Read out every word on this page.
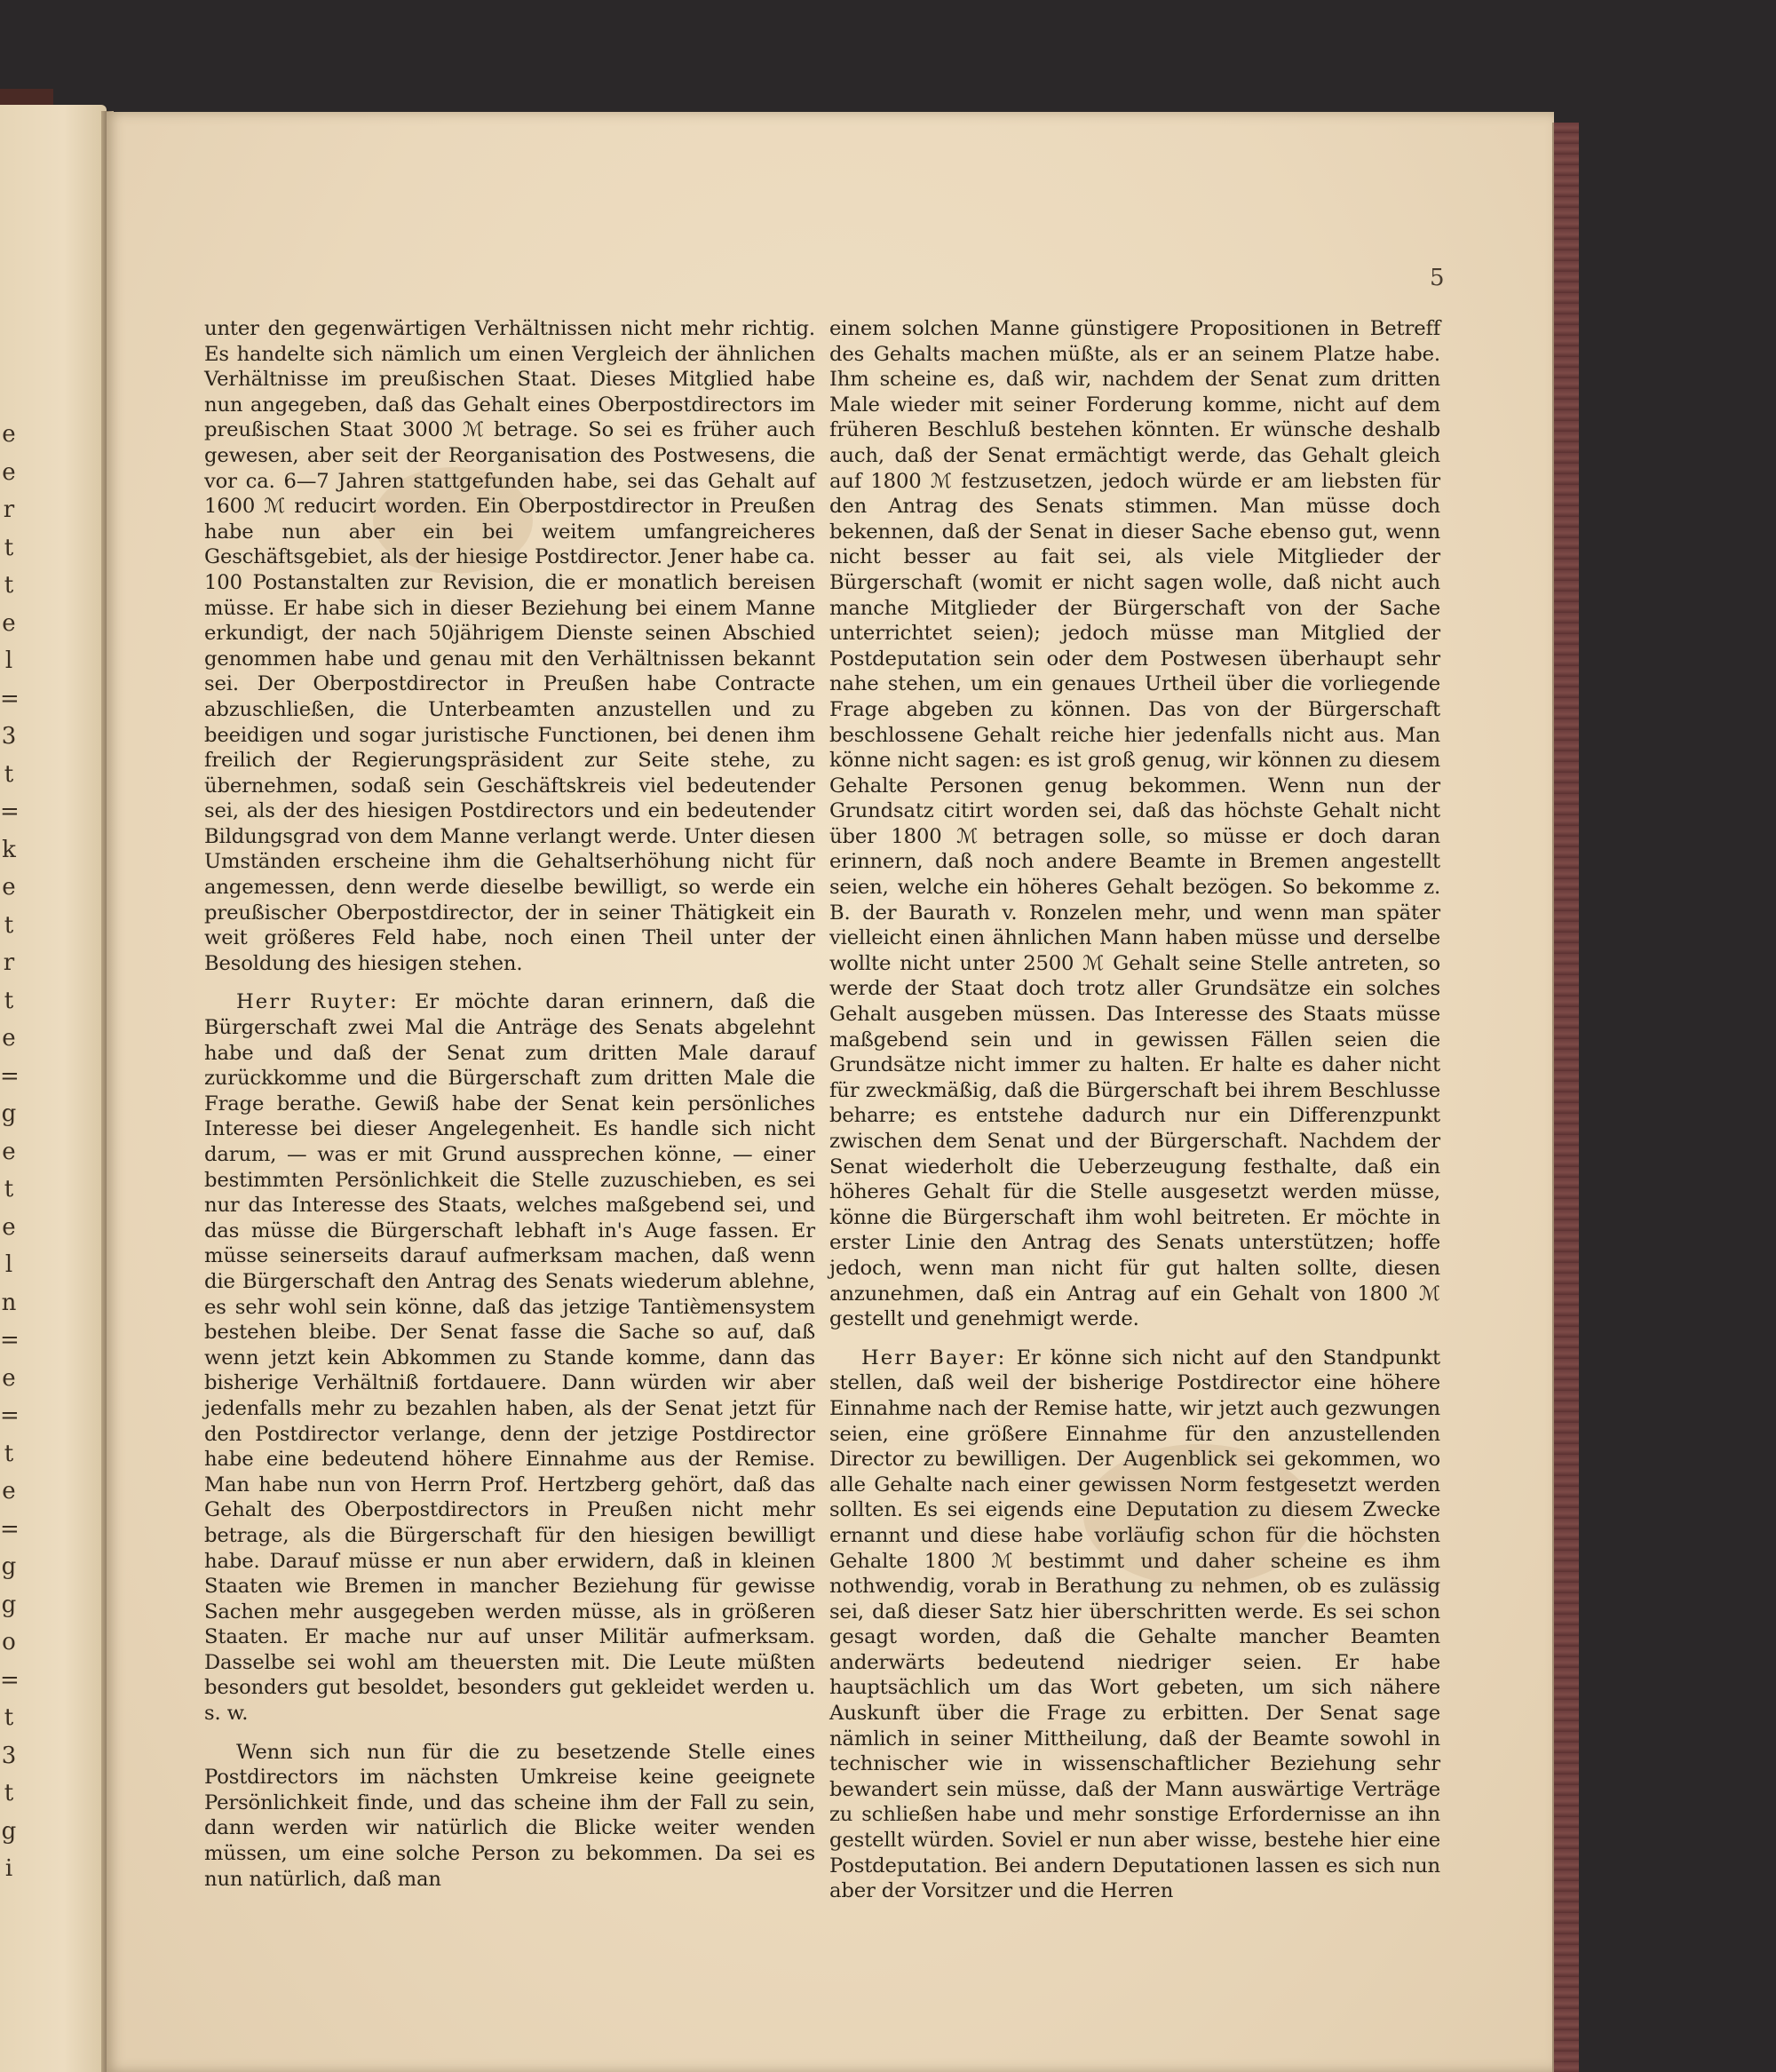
e
e
r
t
t
e
l
=
3
t
=
k
e
t
r
t
e
=
g
e
t
e
l
n
=
e
=
t
e
=
g
g
o
=
t
3
t
g
i
5

unter den gegenwärtigen Verhältnissen nicht mehr richtig. Es handelte sich nämlich um einen Vergleich der ähnlichen Verhältnisse im preußischen Staat. Dieses Mitglied habe nun angegeben, daß das Gehalt eines Oberpostdirectors im preußischen Staat 3000 ℳ betrage. So sei es früher auch gewesen, aber seit der Reorganisation des Postwesens, die vor ca. 6—7 Jahren stattgefunden habe, sei das Gehalt auf 1600 ℳ reducirt worden. Ein Oberpostdirector in Preußen habe nun aber ein bei weitem umfangreicheres Geschäftsgebiet, als der hiesige Postdirector. Jener habe ca. 100 Postanstalten zur Revision, die er monatlich bereisen müsse. Er habe sich in dieser Beziehung bei einem Manne erkundigt, der nach 50jährigem Dienste seinen Abschied genommen habe und genau mit den Verhältnissen bekannt sei. Der Oberpostdirector in Preußen habe Contracte abzuschließen, die Unterbeamten anzustellen und zu beeidigen und sogar juristische Functionen, bei denen ihm freilich der Regierungspräsident zur Seite stehe, zu übernehmen, sodaß sein Geschäftskreis viel bedeutender sei, als der des hiesigen Postdirectors und ein bedeutender Bildungsgrad von dem Manne verlangt werde. Unter diesen Umständen erscheine ihm die Gehaltserhöhung nicht für angemessen, denn werde dieselbe bewilligt, so werde ein preußischer Oberpostdirector, der in seiner Thätigkeit ein weit größeres Feld habe, noch einen Theil unter der Besoldung des hiesigen stehen.

Herr Ruyter: Er möchte daran erinnern, daß die Bürgerschaft zwei Mal die Anträge des Senats abgelehnt habe und daß der Senat zum dritten Male darauf zurückkomme und die Bürgerschaft zum dritten Male die Frage berathe. Gewiß habe der Senat kein persönliches Interesse bei dieser Angelegenheit. Es handle sich nicht darum, — was er mit Grund aussprechen könne, — einer bestimmten Persönlichkeit die Stelle zuzuschieben, es sei nur das Interesse des Staats, welches maßgebend sei, und das müsse die Bürgerschaft lebhaft in's Auge fassen. Er müsse seinerseits darauf aufmerksam machen, daß wenn die Bürgerschaft den Antrag des Senats wiederum ablehne, es sehr wohl sein könne, daß das jetzige Tantièmensystem bestehen bleibe. Der Senat fasse die Sache so auf, daß wenn jetzt kein Abkommen zu Stande komme, dann das bisherige Verhältniß fortdauere. Dann würden wir aber jedenfalls mehr zu bezahlen haben, als der Senat jetzt für den Postdirector verlange, denn der jetzige Postdirector habe eine bedeutend höhere Einnahme aus der Remise. Man habe nun von Herrn Prof. Hertzberg gehört, daß das Gehalt des Oberpostdirectors in Preußen nicht mehr betrage, als die Bürgerschaft für den hiesigen bewilligt habe. Darauf müsse er nun aber erwidern, daß in kleinen Staaten wie Bremen in mancher Beziehung für gewisse Sachen mehr ausgegeben werden müsse, als in größeren Staaten. Er mache nur auf unser Militär aufmerksam. Dasselbe sei wohl am theuersten mit. Die Leute müßten besonders gut besoldet, besonders gut gekleidet werden u. s. w.

Wenn sich nun für die zu besetzende Stelle eines Postdirectors im nächsten Umkreise keine geeignete Persönlichkeit finde, und das scheine ihm der Fall zu sein, dann werden wir natürlich die Blicke weiter wenden müssen, um eine solche Person zu bekommen. Da sei es nun natürlich, daß man

einem solchen Manne günstigere Propositionen in Betreff des Gehalts machen müßte, als er an seinem Platze habe. Ihm scheine es, daß wir, nachdem der Senat zum dritten Male wieder mit seiner Forderung komme, nicht auf dem früheren Beschluß bestehen könnten. Er wünsche deshalb auch, daß der Senat ermächtigt werde, das Gehalt gleich auf 1800 ℳ festzusetzen, jedoch würde er am liebsten für den Antrag des Senats stimmen. Man müsse doch bekennen, daß der Senat in dieser Sache ebenso gut, wenn nicht besser au fait sei, als viele Mitglieder der Bürgerschaft (womit er nicht sagen wolle, daß nicht auch manche Mitglieder der Bürgerschaft von der Sache unterrichtet seien); jedoch müsse man Mitglied der Postdeputation sein oder dem Postwesen überhaupt sehr nahe stehen, um ein genaues Urtheil über die vorliegende Frage abgeben zu können. Das von der Bürgerschaft beschlossene Gehalt reiche hier jedenfalls nicht aus. Man könne nicht sagen: es ist groß genug, wir können zu diesem Gehalte Personen genug bekommen. Wenn nun der Grundsatz citirt worden sei, daß das höchste Gehalt nicht über 1800 ℳ betragen solle, so müsse er doch daran erinnern, daß noch andere Beamte in Bremen angestellt seien, welche ein höheres Gehalt bezögen. So bekomme z. B. der Baurath v. Ronzelen mehr, und wenn man später vielleicht einen ähnlichen Mann haben müsse und derselbe wollte nicht unter 2500 ℳ Gehalt seine Stelle antreten, so werde der Staat doch trotz aller Grundsätze ein solches Gehalt ausgeben müssen. Das Interesse des Staats müsse maßgebend sein und in gewissen Fällen seien die Grundsätze nicht immer zu halten. Er halte es daher nicht für zweckmäßig, daß die Bürgerschaft bei ihrem Beschlusse beharre; es entstehe dadurch nur ein Differenzpunkt zwischen dem Senat und der Bürgerschaft. Nachdem der Senat wiederholt die Ueberzeugung festhalte, daß ein höheres Gehalt für die Stelle ausgesetzt werden müsse, könne die Bürgerschaft ihm wohl beitreten. Er möchte in erster Linie den Antrag des Senats unterstützen; hoffe jedoch, wenn man nicht für gut halten sollte, diesen anzunehmen, daß ein Antrag auf ein Gehalt von 1800 ℳ gestellt und genehmigt werde.

Herr Bayer: Er könne sich nicht auf den Standpunkt stellen, daß weil der bisherige Postdirector eine höhere Einnahme nach der Remise hatte, wir jetzt auch gezwungen seien, eine größere Einnahme für den anzustellenden Director zu bewilligen. Der Augenblick sei gekommen, wo alle Gehalte nach einer gewissen Norm festgesetzt werden sollten. Es sei eigends eine Deputation zu diesem Zwecke ernannt und diese habe vorläufig schon für die höchsten Gehalte 1800 ℳ bestimmt und daher scheine es ihm nothwendig, vorab in Berathung zu nehmen, ob es zulässig sei, daß dieser Satz hier überschritten werde. Es sei schon gesagt worden, daß die Gehalte mancher Beamten anderwärts bedeutend niedriger seien. Er habe hauptsächlich um das Wort gebeten, um sich nähere Auskunft über die Frage zu erbitten. Der Senat sage nämlich in seiner Mittheilung, daß der Beamte sowohl in technischer wie in wissenschaftlicher Beziehung sehr bewandert sein müsse, daß der Mann auswärtige Verträge zu schließen habe und mehr sonstige Erfordernisse an ihn gestellt würden. Soviel er nun aber wisse, bestehe hier eine Postdeputation. Bei andern Deputationen lassen es sich nun aber der Vorsitzer und die Herren
